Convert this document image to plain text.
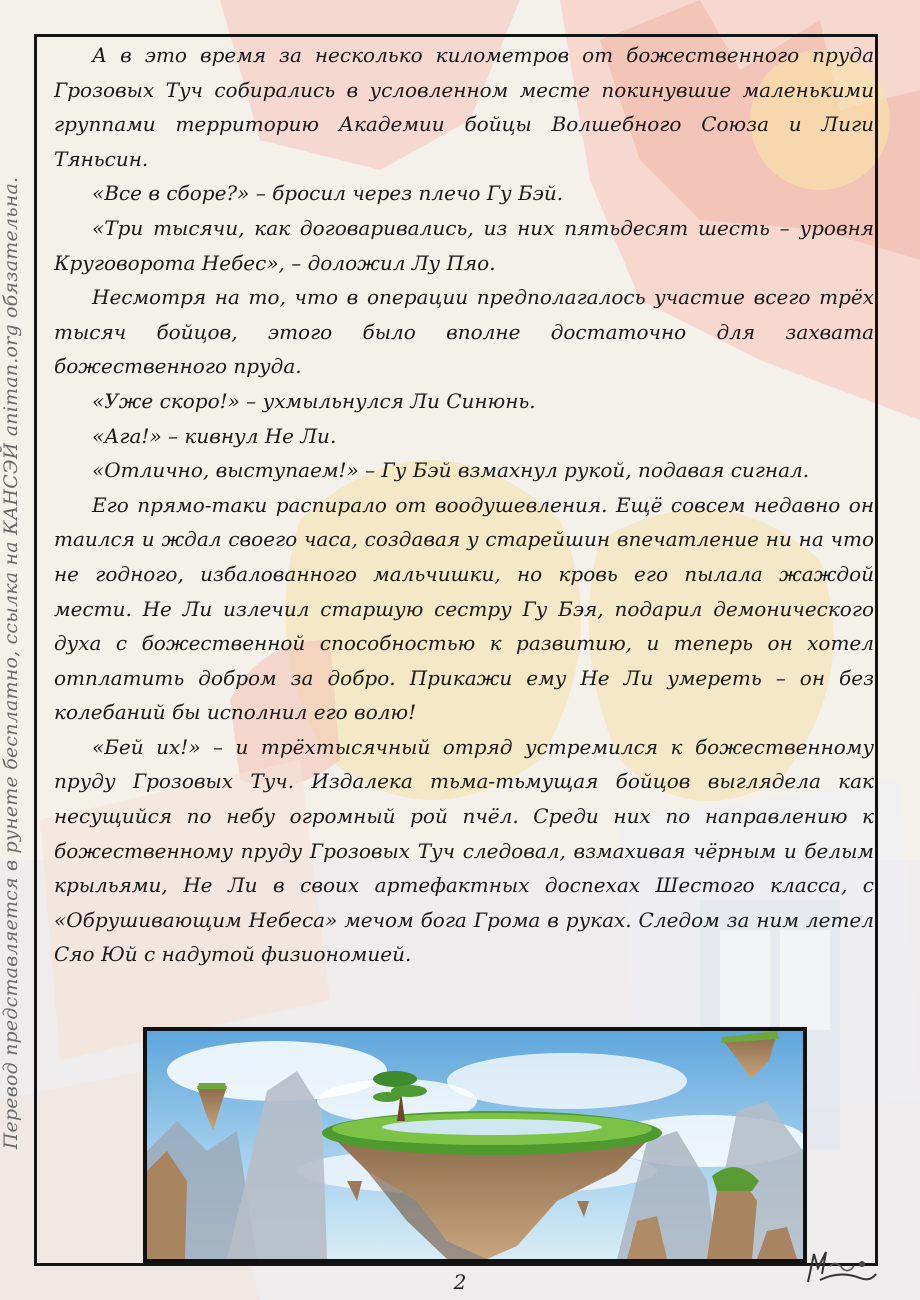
Перевод представляется в рунете бесплатно, ссылка на КАНСЭЙ animan.org обязательна.

А в это время за несколько километров от божественного пруда Грозовых Туч собирались в условленном месте покинувшие маленькими группами территорию Академии бойцы Волшебного Союза и Лиги Тяньсин.

«Все в сборе?» – бросил через плечо Гу Бэй.

«Три тысячи, как договаривались, из них пятьдесят шесть – уровня Круговорота Небес», – доложил Лу Пяо.

Несмотря на то, что в операции предполагалось участие всего трёх тысяч бойцов, этого было вполне достаточно для захвата божественного пруда.

«Уже скоро!» – ухмыльнулся Ли Синюнь.

«Ага!» – кивнул Не Ли.

«Отлично, выступаем!» – Гу Бэй взмахнул рукой, подавая сигнал.

Его прямо-таки распирало от воодушевления. Ещё совсем недавно он таился и ждал своего часа, создавая у старейшин впечатление ни на что не годного, избалованного мальчишки, но кровь его пылала жаждой мести. Не Ли излечил старшую сестру Гу Бэя, подарил демонического духа с божественной способностью к развитию, и теперь он хотел отплатить добром за добро. Прикажи ему Не Ли умереть – он без колебаний бы исполнил его волю!

«Бей их!» – и трёхтысячный отряд устремился к божественному пруду Грозовых Туч. Издалека тьма-тьмущая бойцов выглядела как несущийся по небу огромный рой пчёл. Среди них по направлению к божественному пруду Грозовых Туч следовал, взмахивая чёрным и белым крыльями, Не Ли в своих артефактных доспехах Шестого класса, с «Обрушивающим Небеса» мечом бога Грома в руках. Следом за ним летел Сяо Юй с надутой физиономией.

2
